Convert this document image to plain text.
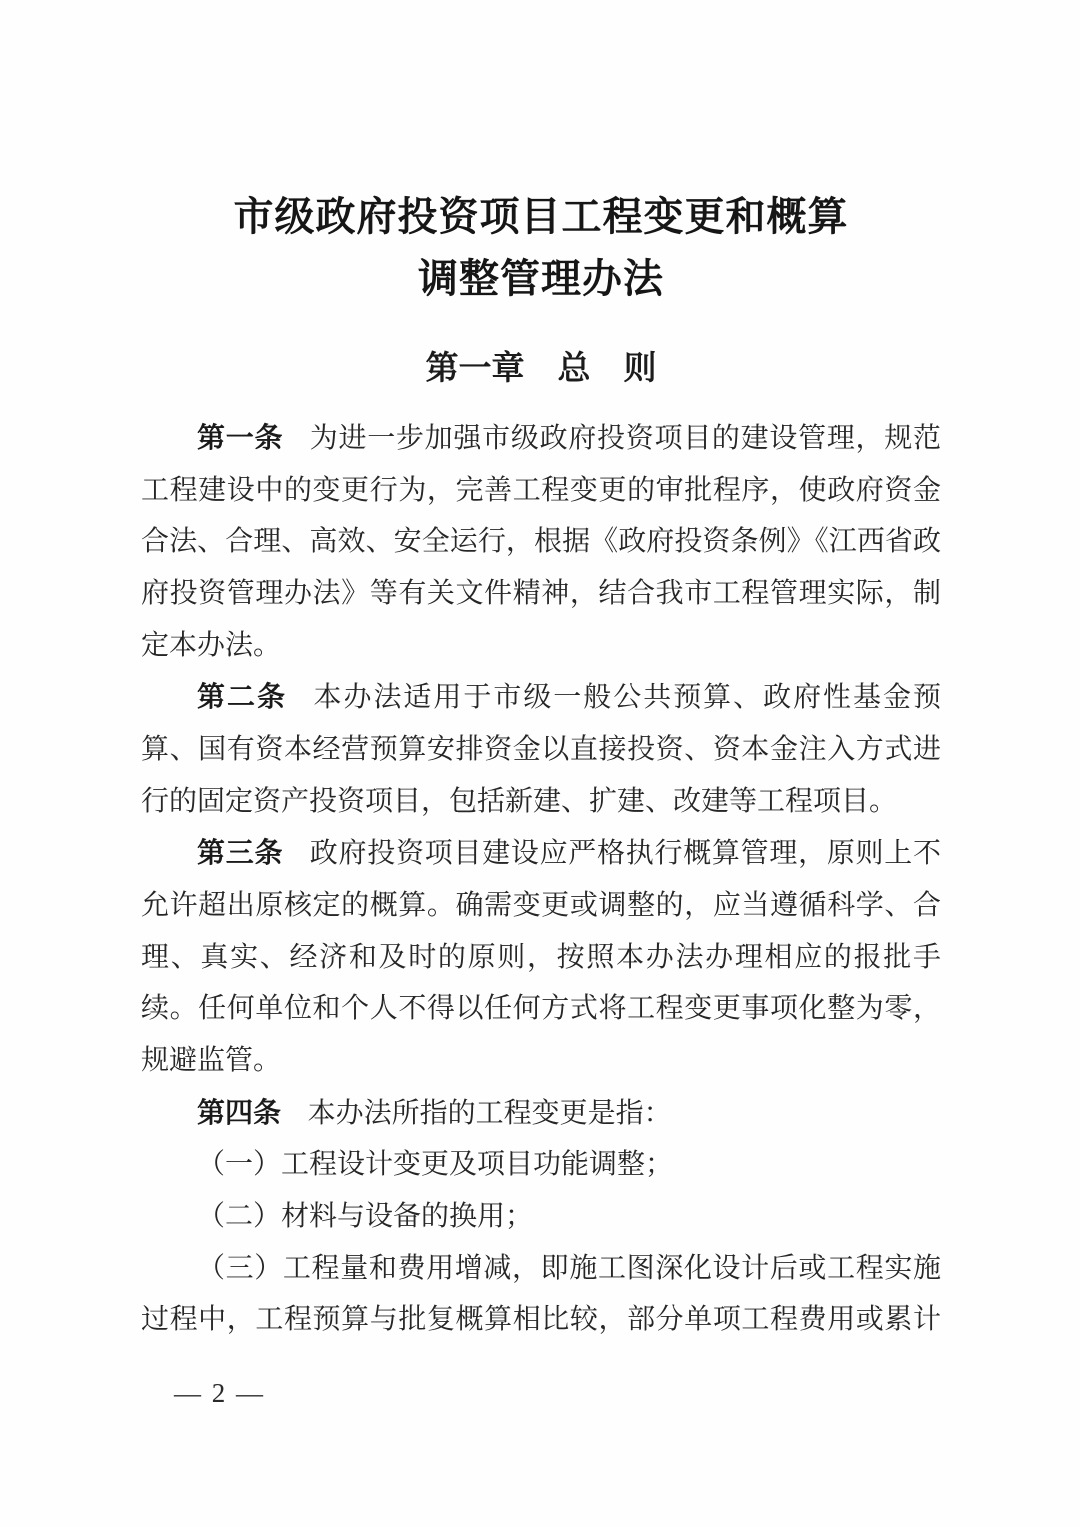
市级政府投资项目工程变更和概算
调整管理办法
第一章　总　则

第一条 为进一步加强市级政府投资项目的建设管理，规范工程建设中的变更行为，完善工程变更的审批程序，使政府资金合法、合理、高效、安全运行，根据《政府投资条例》《江西省政府投资管理办法》等有关文件精神，结合我市工程管理实际，制定本办法。

第二条 本办法适用于市级一般公共预算、政府性基金预算、国有资本经营预算安排资金以直接投资、资本金注入方式进行的固定资产投资项目，包括新建、扩建、改建等工程项目。

第三条 政府投资项目建设应严格执行概算管理，原则上不允许超出原核定的概算。确需变更或调整的，应当遵循科学、合理、真实、经济和及时的原则，按照本办法办理相应的报批手续。任何单位和个人不得以任何方式将工程变更事项化整为零，规避监管。

第四条 本办法所指的工程变更是指：

（一）工程设计变更及项目功能调整；

（二）材料与设备的换用；

（三）工程量和费用增减，即施工图深化设计后或工程实施过程中，工程预算与批复概算相比较，部分单项工程费用或累计

— 2 —
